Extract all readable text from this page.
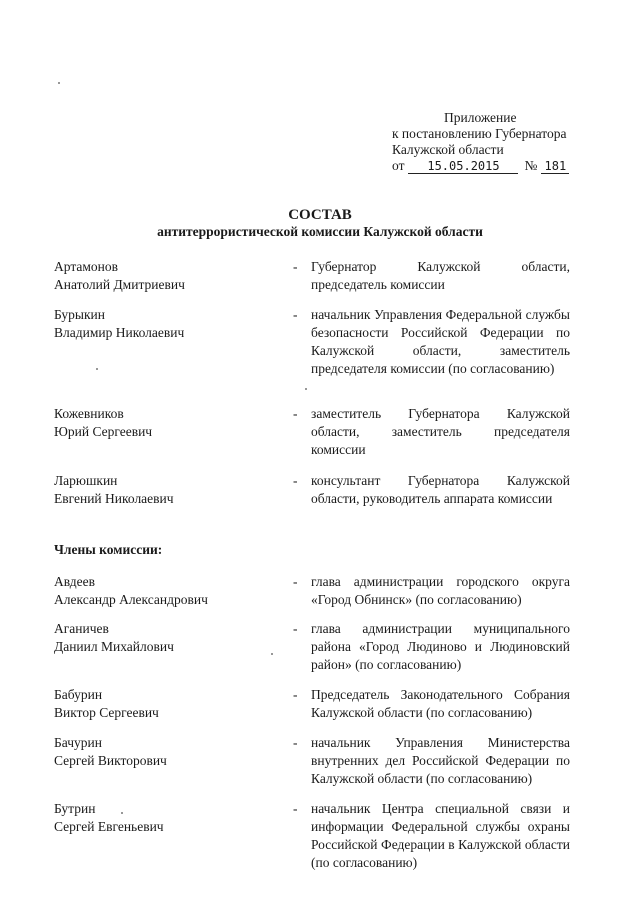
Приложение
к постановлению Губернатора
Калужской области
от	15.05.2015	№ 181
СОСТАВ
антитеррористической комиссии Калужской области
Артамонов
Анатолий Дмитриевич
- Губернатор Калужской области, председатель комиссии
Бурыкин
Владимир Николаевич
- начальник Управления Федеральной службы безопасности Российской Федерации по Калужской области, заместитель председателя комиссии (по согласованию)
Кожевников
Юрий Сергеевич
- заместитель Губернатора Калужской области, заместитель председателя комиссии
Ларюшкин
Евгений Николаевич
- консультант Губернатора Калужской области, руководитель аппарата комиссии
Члены комиссии:
Авдеев
Александр Александрович
- глава администрации городского округа «Город Обнинск» (по согласованию)
Аганичев
Даниил Михайлович
- глава администрации муниципального района «Город Людиново и Людиновский район» (по согласованию)
Бабурин
Виктор Сергеевич
- Председатель Законодательного Собрания Калужской области (по согласованию)
Бачурин
Сергей Викторович
- начальник Управления Министерства внутренних дел Российской Федерации по Калужской области (по согласованию)
Бутрин
Сергей Евгеньевич
- начальник Центра специальной связи и информации Федеральной службы охраны Российской Федерации в Калужской области (по согласованию)
